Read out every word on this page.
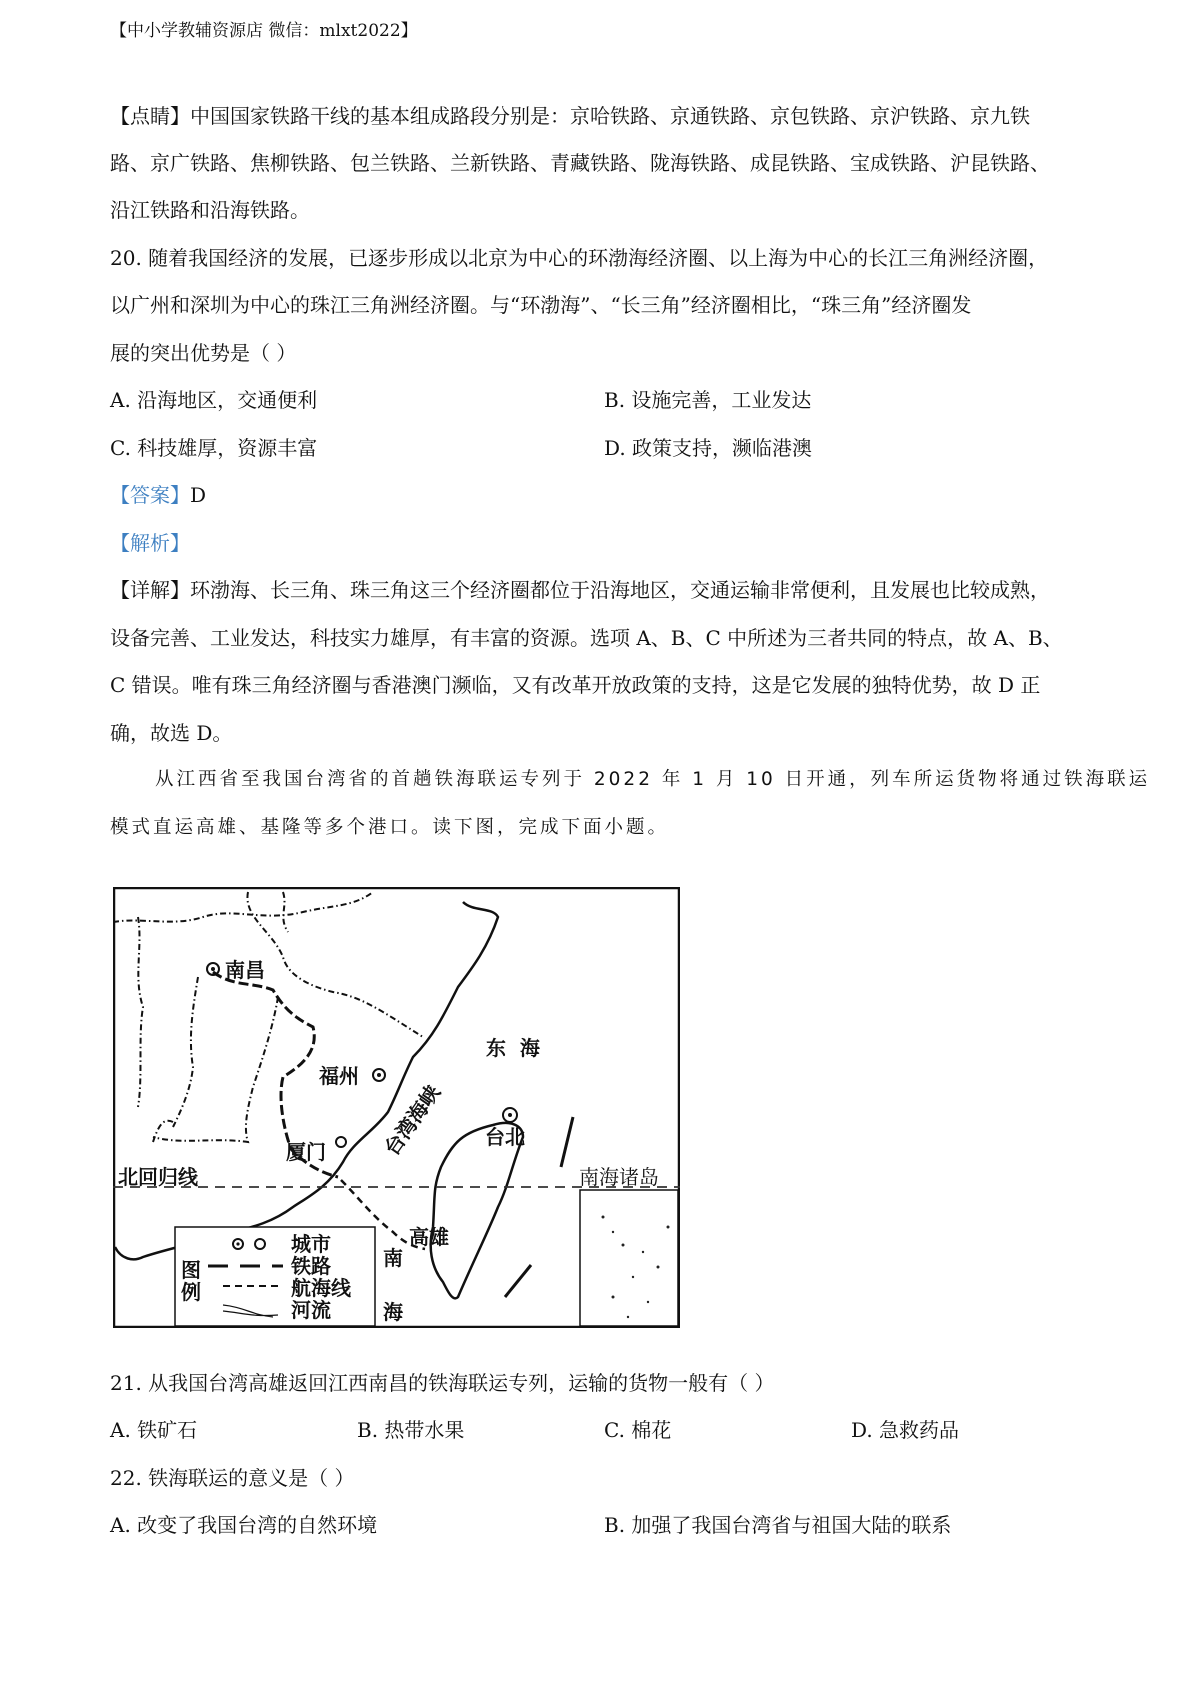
【中小学教辅资源店 微信：mlxt2022】
【点睛】中国国家铁路干线的基本组成路段分别是：京哈铁路、京通铁路、京包铁路、京沪铁路、京九铁
路、京广铁路、焦柳铁路、包兰铁路、兰新铁路、青藏铁路、陇海铁路、成昆铁路、宝成铁路、沪昆铁路、
沿江铁路和沿海铁路。
20. 随着我国经济的发展，已逐步形成以北京为中心的环渤海经济圈、以上海为中心的长江三角洲经济圈，
以广州和深圳为中心的珠江三角洲经济圈。与“环渤海”、“长三角”经济圈相比，“珠三角”经济圈发
展的突出优势是（ ）
A. 沿海地区，交通便利	B. 设施完善，工业发达
C. 科技雄厚，资源丰富	D. 政策支持，濒临港澳
【答案】D
【解析】
【详解】环渤海、长三角、珠三角这三个经济圈都位于沿海地区，交通运输非常便利，且发展也比较成熟，
设备完善、工业发达，科技实力雄厚，有丰富的资源。选项 A、B、C 中所述为三者共同的特点，故 A、B、
C 错误。唯有珠三角经济圈与香港澳门濒临，又有改革开放政策的支持，这是它发展的独特优势，故 D 正
确，故选 D。
从江西省至我国台湾省的首趟铁海联运专列于 2022 年 1 月 10 日开通，列车所运货物将通过铁海联运
模式直运高雄、基隆等多个港口。读下图，完成下面小题。
南昌
福州
厦门
台北
高雄
东  海
台湾海峡
北回归线	南海诸岛
图
例
城市
铁路
航海线
河流
南
海
21. 从我国台湾高雄返回江西南昌的铁海联运专列，运输的货物一般有（ ）
A. 铁矿石	B. 热带水果	C. 棉花	D. 急救药品
22. 铁海联运的意义是（ ）
A. 改变了我国台湾的自然环境	B. 加强了我国台湾省与祖国大陆的联系
